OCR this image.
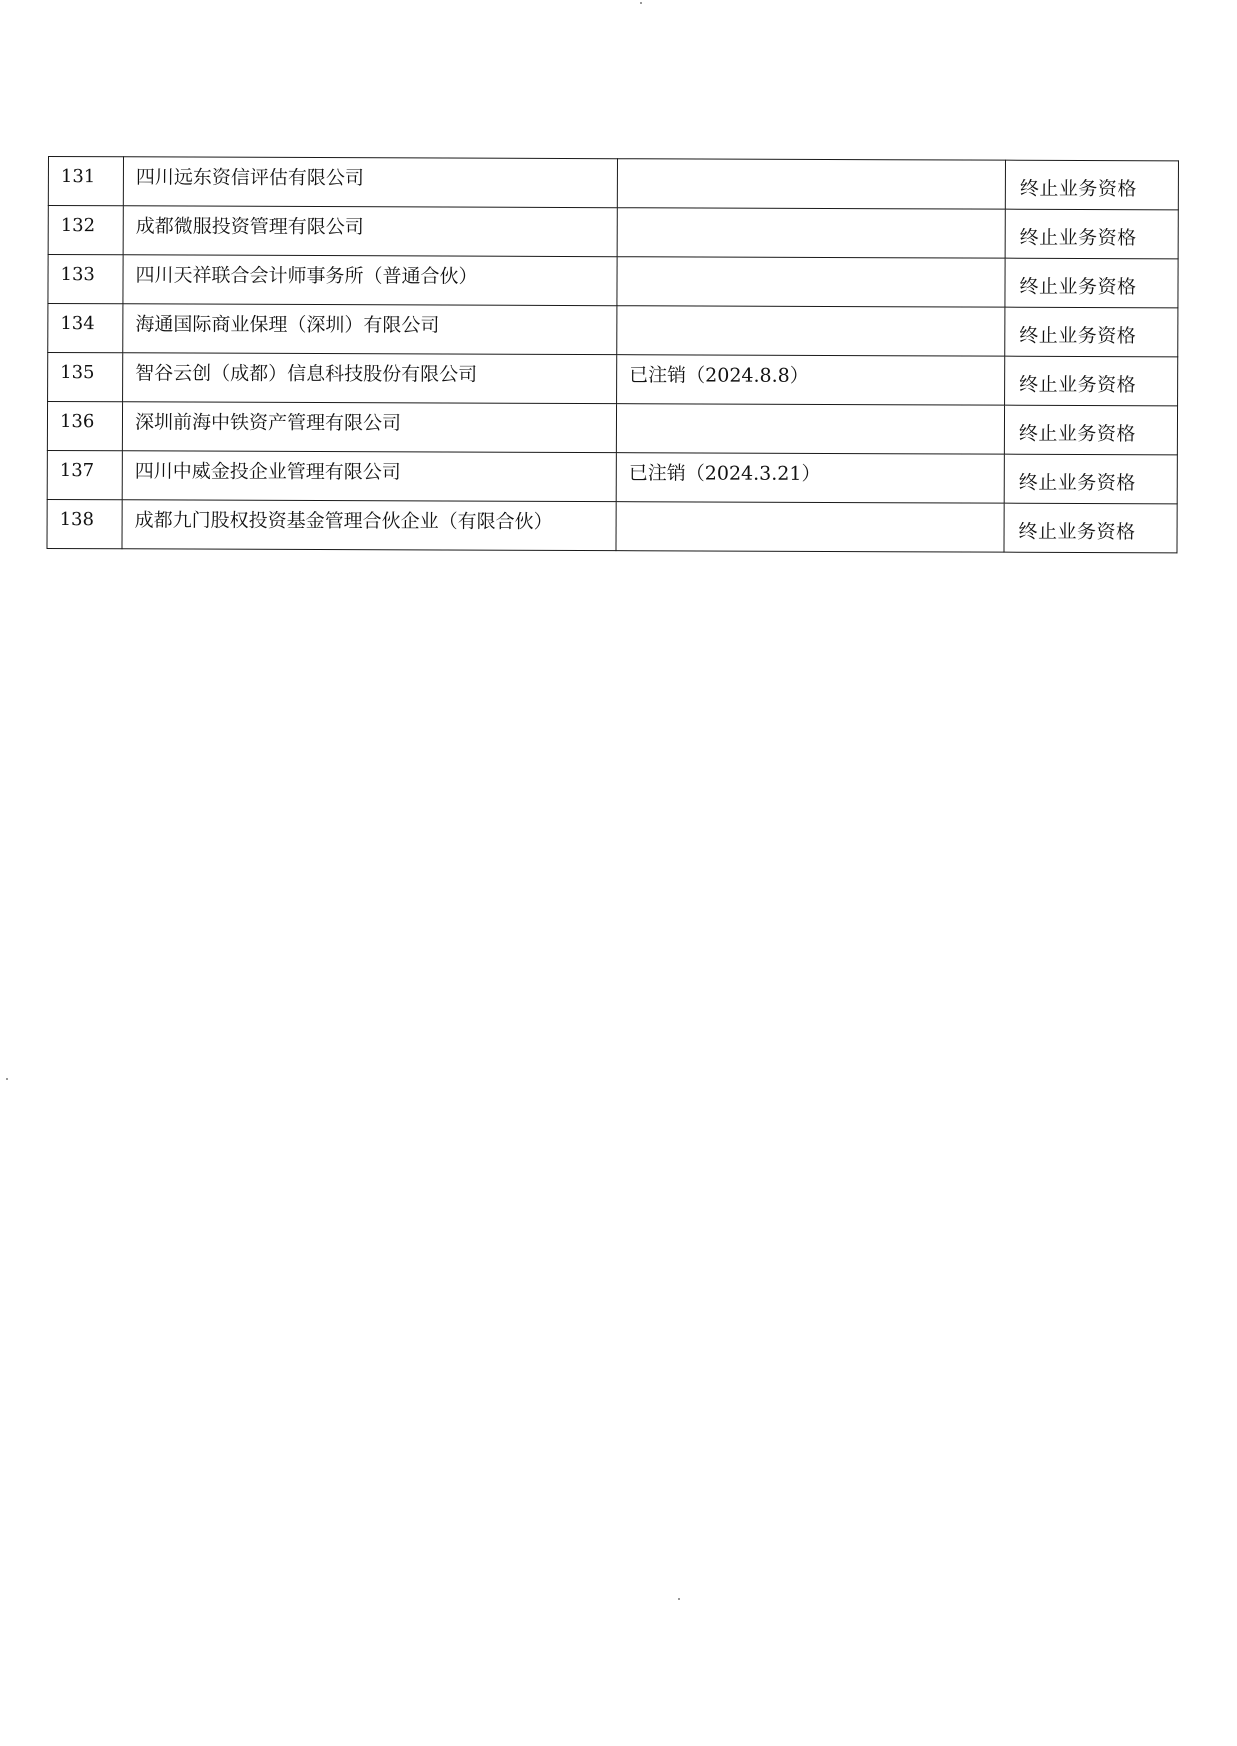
131	四川远东资信评估有限公司		终止业务资格
132	成都微服投资管理有限公司		终止业务资格
133	四川天祥联合会计师事务所（普通合伙）		终止业务资格
134	海通国际商业保理（深圳）有限公司		终止业务资格
135	智谷云创（成都）信息科技股份有限公司	已注销（2024.8.8）	终止业务资格
136	深圳前海中铁资产管理有限公司		终止业务资格
137	四川中威金投企业管理有限公司	已注销（2024.3.21）	终止业务资格
138	成都九门股权投资基金管理合伙企业（有限合伙）		终止业务资格
